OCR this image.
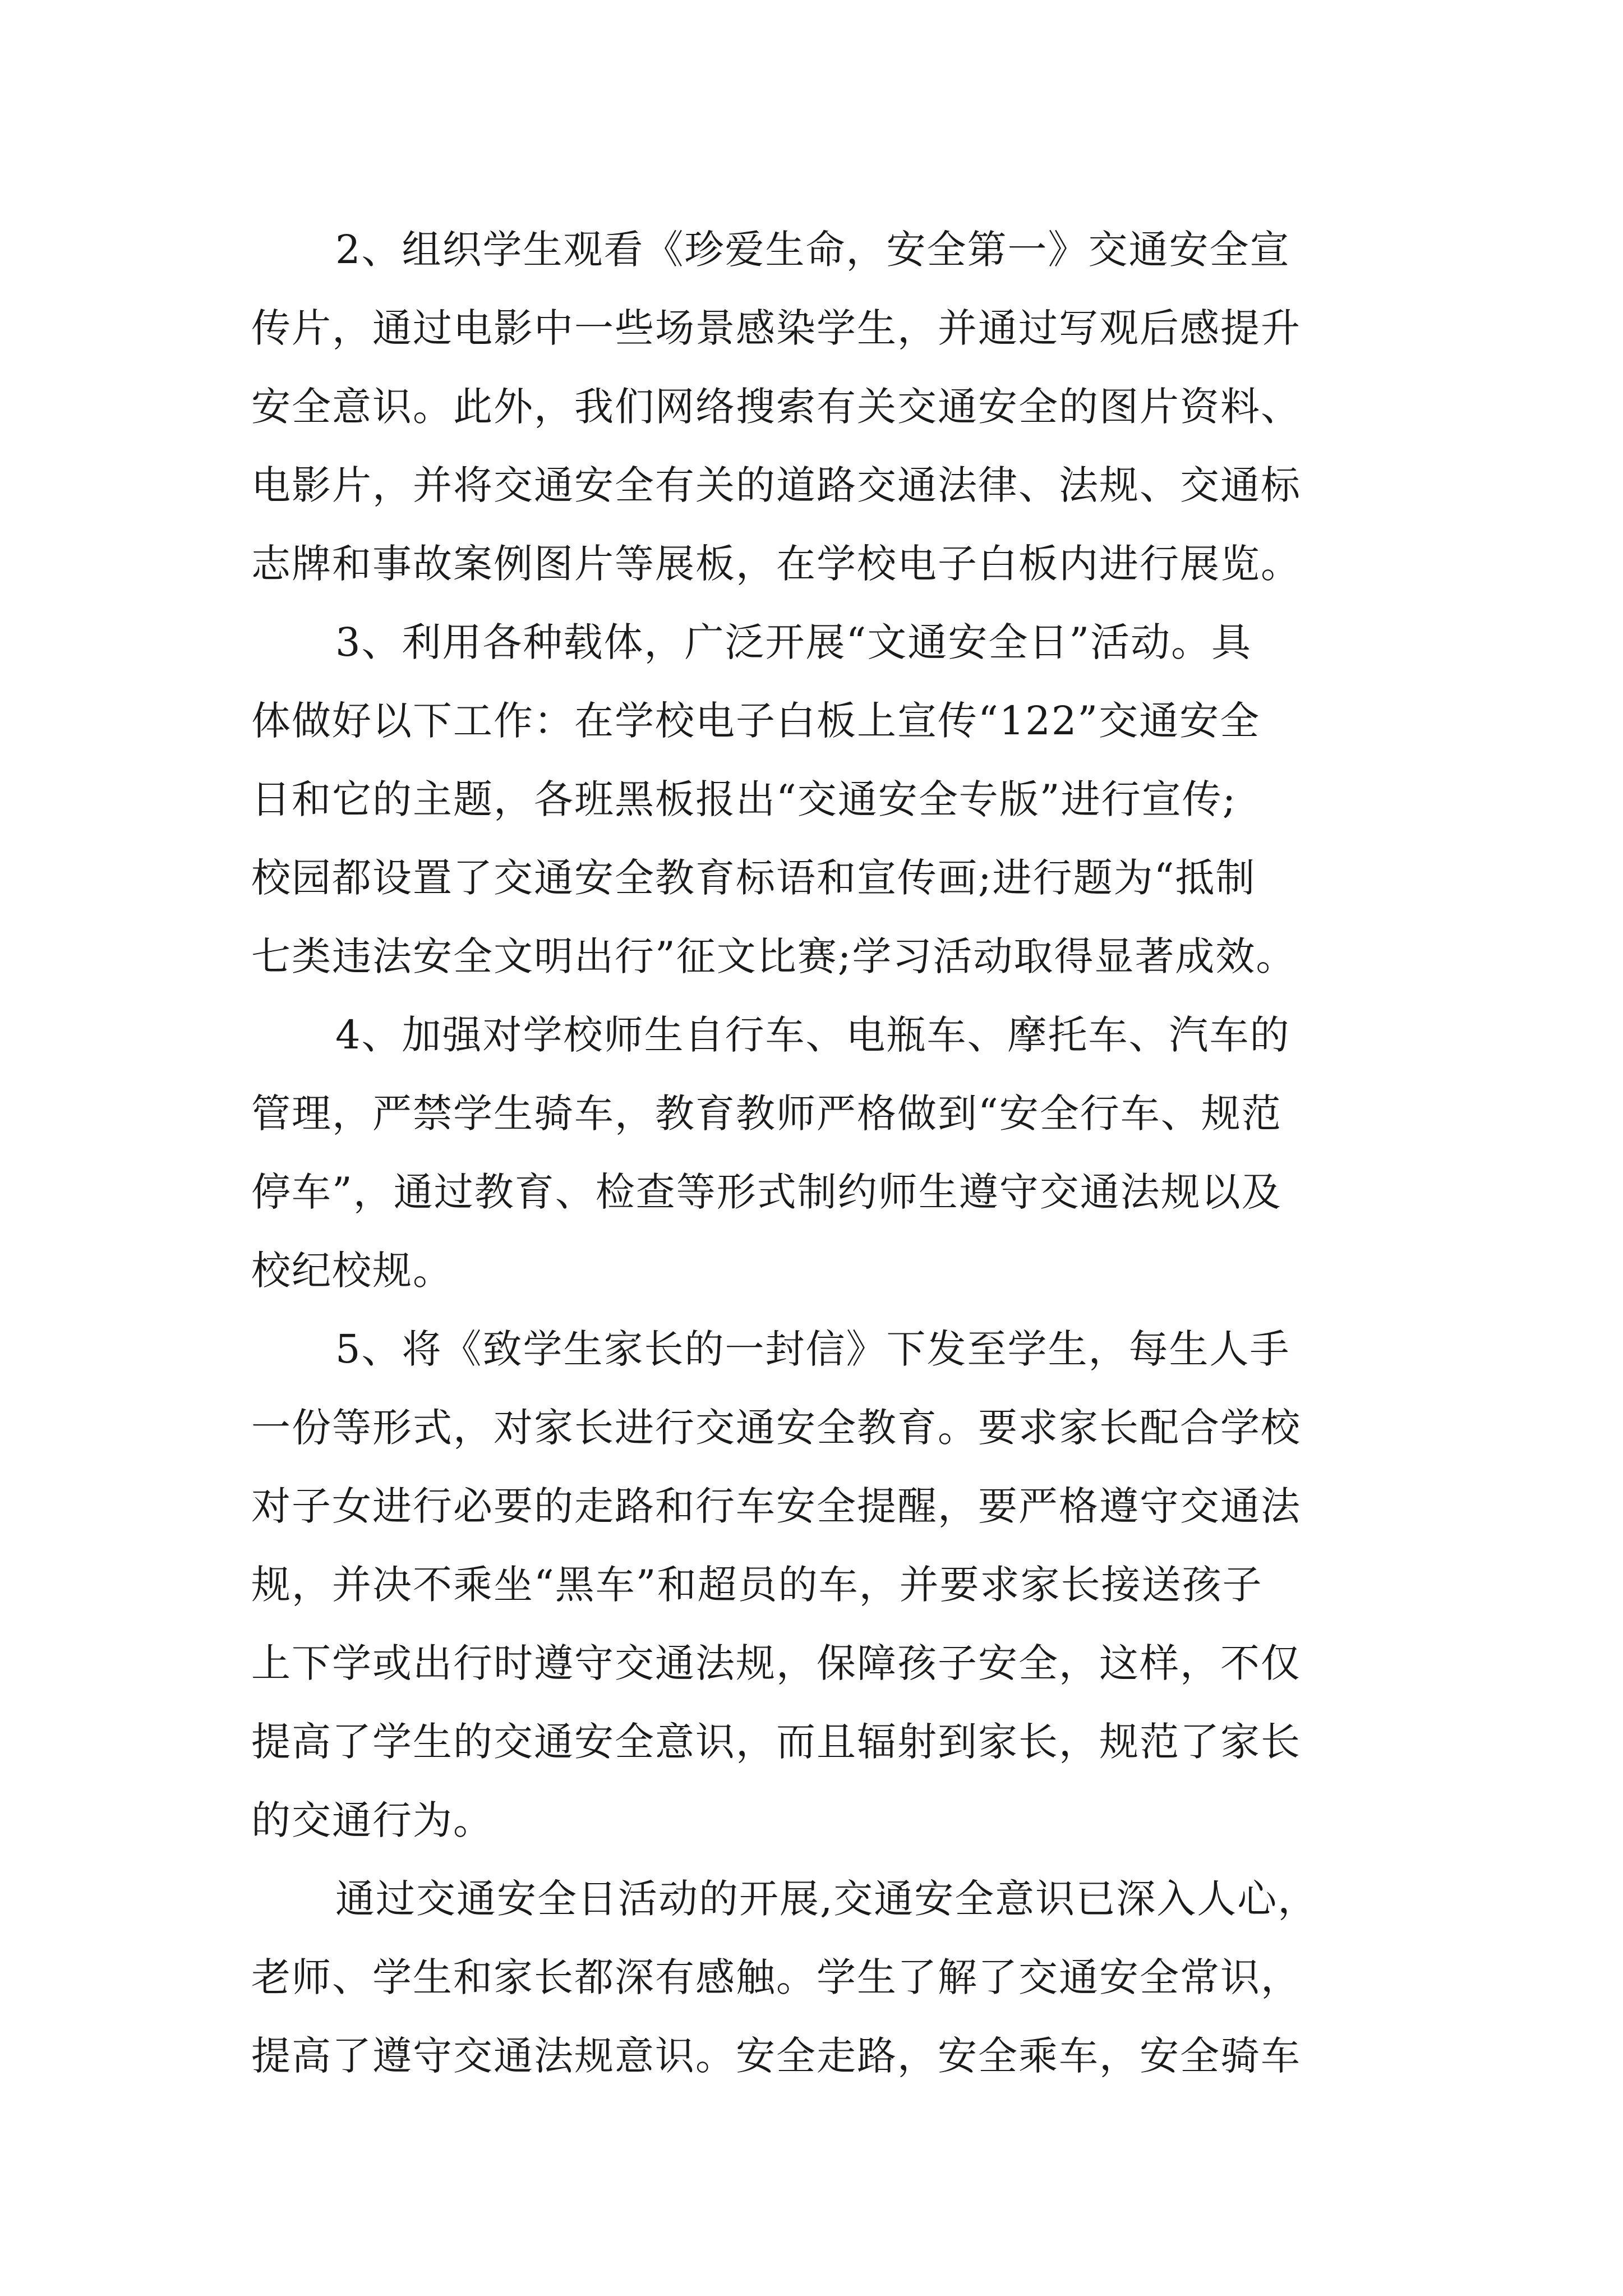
2、组织学生观看《珍爱生命，安全第一》交通安全宣
传片，通过电影中一些场景感染学生，并通过写观后感提升
安全意识。此外，我们网络搜索有关交通安全的图片资料、
电影片，并将交通安全有关的道路交通法律、法规、交通标
志牌和事故案例图片等展板，在学校电子白板内进行展览。
3、利用各种载体，广泛开展“文通安全日”活动。具
体做好以下工作：在学校电子白板上宣传“122”交通安全
日和它的主题，各班黑板报出“交通安全专版”进行宣传;
校园都设置了交通安全教育标语和宣传画;进行题为“抵制
七类违法安全文明出行”征文比赛;学习活动取得显著成效。
4、加强对学校师生自行车、电瓶车、摩托车、汽车的
管理，严禁学生骑车，教育教师严格做到“安全行车、规范
停车”，通过教育、检查等形式制约师生遵守交通法规以及
校纪校规。
5、将《致学生家长的一封信》下发至学生，每生人手
一份等形式，对家长进行交通安全教育。要求家长配合学校
对子女进行必要的走路和行车安全提醒，要严格遵守交通法
规，并决不乘坐“黑车”和超员的车，并要求家长接送孩子
上下学或出行时遵守交通法规，保障孩子安全，这样，不仅
提高了学生的交通安全意识，而且辐射到家长，规范了家长
的交通行为。
通过交通安全日活动的开展,交通安全意识已深入人心，
老师、学生和家长都深有感触。学生了解了交通安全常识，
提高了遵守交通法规意识。安全走路，安全乘车，安全骑车
